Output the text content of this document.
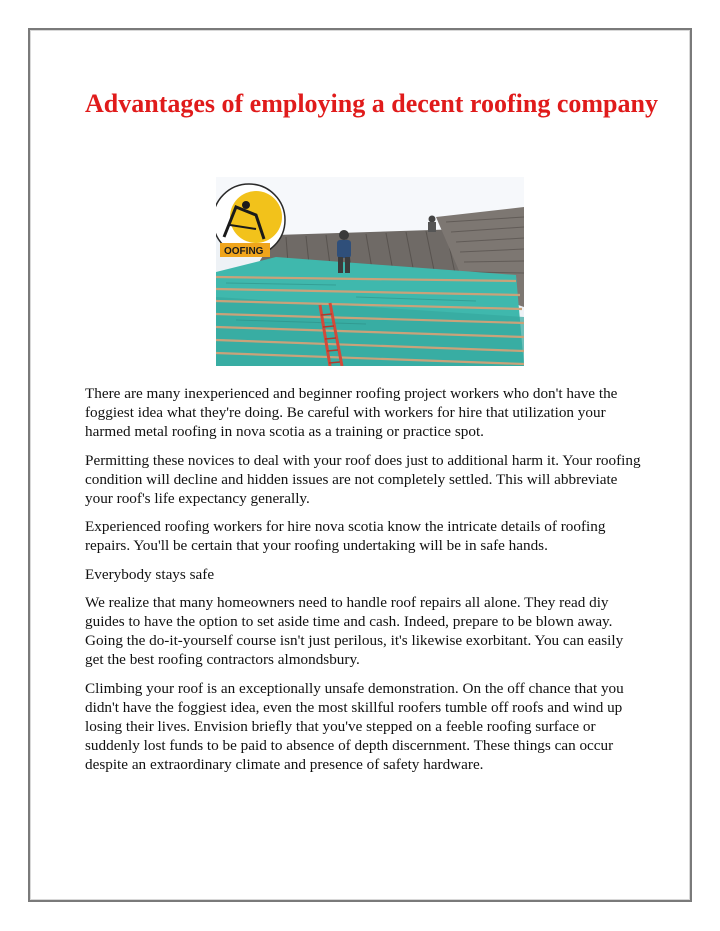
Advantages of employing a decent roofing company
OOFING

There are many inexperienced and beginner roofing project workers who don't have the foggiest idea what they're doing. Be careful with workers for hire that utilization your harmed metal roofing in nova scotia as a training or practice spot.

Permitting these novices to deal with your roof does just to additional harm it. Your roofing condition will decline and hidden issues are not completely settled. This will abbreviate your roof's life expectancy generally.

Experienced roofing workers for hire nova scotia know the intricate details of roofing repairs. You'll be certain that your roofing undertaking will be in safe hands.

Everybody stays safe

We realize that many homeowners need to handle roof repairs all alone. They read diy guides to have the option to set aside time and cash. Indeed, prepare to be blown away. Going the do-it-yourself course isn't just perilous, it's likewise exorbitant. You can easily get the best roofing contractors almondsbury.

Climbing your roof is an exceptionally unsafe demonstration. On the off chance that you didn't have the foggiest idea, even the most skillful roofers tumble off roofs and wind up losing their lives. Envision briefly that you've stepped on a feeble roofing surface or suddenly lost funds to be paid to absence of depth discernment. These things can occur despite an extraordinary climate and presence of safety hardware.
